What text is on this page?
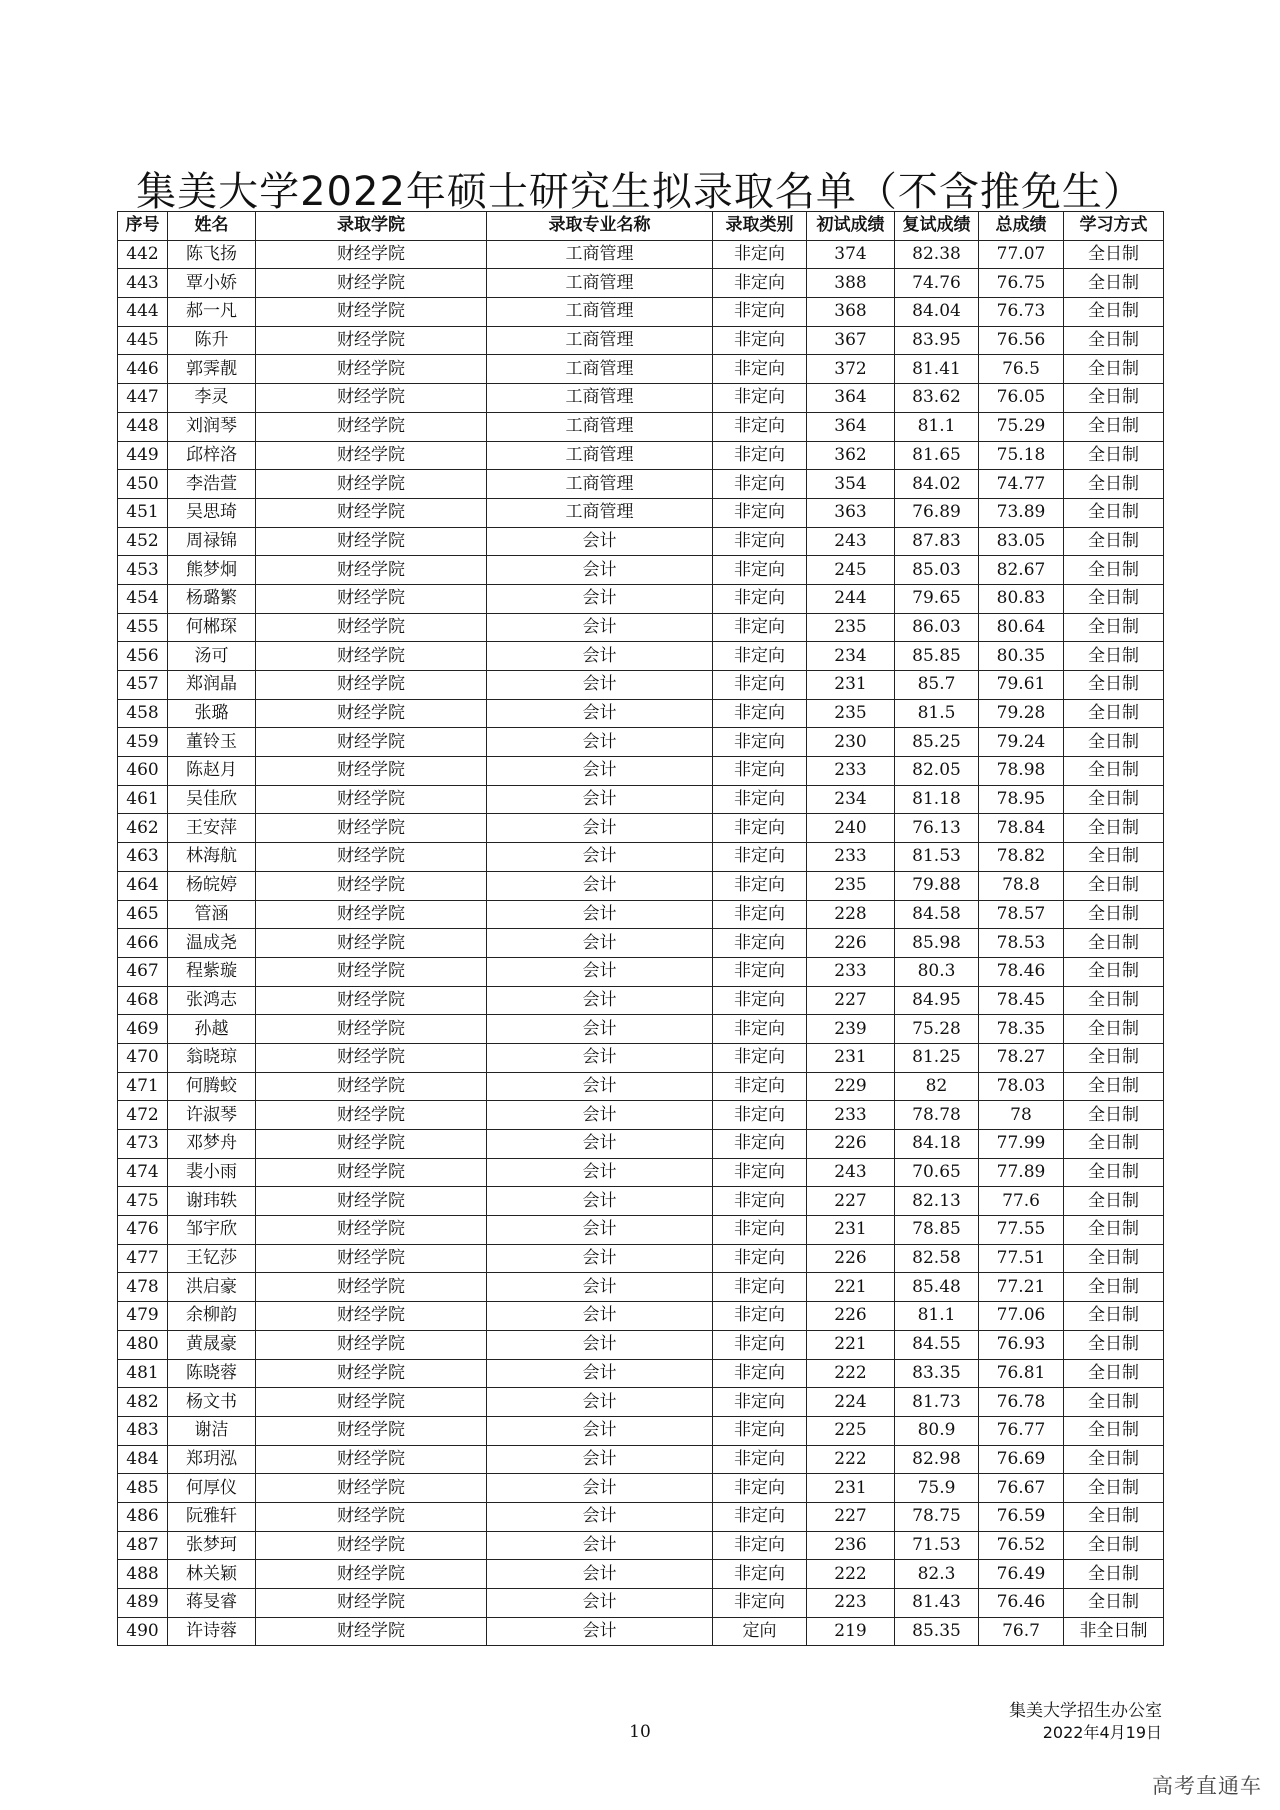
集美大学2022年硕士研究生拟录取名单（不含推免生）
序号	姓名	录取学院	录取专业名称	录取类别	初试成绩	复试成绩	总成绩	学习方式
442	陈飞扬	财经学院	工商管理	非定向	374	82.38	77.07	全日制
443	覃小娇	财经学院	工商管理	非定向	388	74.76	76.75	全日制
444	郝一凡	财经学院	工商管理	非定向	368	84.04	76.73	全日制
445	陈升	财经学院	工商管理	非定向	367	83.95	76.56	全日制
446	郭霁靓	财经学院	工商管理	非定向	372	81.41	76.5	全日制
447	李灵	财经学院	工商管理	非定向	364	83.62	76.05	全日制
448	刘润琴	财经学院	工商管理	非定向	364	81.1	75.29	全日制
449	邱梓洛	财经学院	工商管理	非定向	362	81.65	75.18	全日制
450	李浩萱	财经学院	工商管理	非定向	354	84.02	74.77	全日制
451	吴思琦	财经学院	工商管理	非定向	363	76.89	73.89	全日制
452	周禄锦	财经学院	会计	非定向	243	87.83	83.05	全日制
453	熊梦炯	财经学院	会计	非定向	245	85.03	82.67	全日制
454	杨璐繁	财经学院	会计	非定向	244	79.65	80.83	全日制
455	何郴琛	财经学院	会计	非定向	235	86.03	80.64	全日制
456	汤可	财经学院	会计	非定向	234	85.85	80.35	全日制
457	郑润晶	财经学院	会计	非定向	231	85.7	79.61	全日制
458	张璐	财经学院	会计	非定向	235	81.5	79.28	全日制
459	董铃玉	财经学院	会计	非定向	230	85.25	79.24	全日制
460	陈赵月	财经学院	会计	非定向	233	82.05	78.98	全日制
461	吴佳欣	财经学院	会计	非定向	234	81.18	78.95	全日制
462	王安萍	财经学院	会计	非定向	240	76.13	78.84	全日制
463	林海航	财经学院	会计	非定向	233	81.53	78.82	全日制
464	杨皖婷	财经学院	会计	非定向	235	79.88	78.8	全日制
465	管涵	财经学院	会计	非定向	228	84.58	78.57	全日制
466	温成尧	财经学院	会计	非定向	226	85.98	78.53	全日制
467	程紫璇	财经学院	会计	非定向	233	80.3	78.46	全日制
468	张鸿志	财经学院	会计	非定向	227	84.95	78.45	全日制
469	孙越	财经学院	会计	非定向	239	75.28	78.35	全日制
470	翁晓琼	财经学院	会计	非定向	231	81.25	78.27	全日制
471	何腾蛟	财经学院	会计	非定向	229	82	78.03	全日制
472	许淑琴	财经学院	会计	非定向	233	78.78	78	全日制
473	邓梦舟	财经学院	会计	非定向	226	84.18	77.99	全日制
474	裴小雨	财经学院	会计	非定向	243	70.65	77.89	全日制
475	谢玮轶	财经学院	会计	非定向	227	82.13	77.6	全日制
476	邹宇欣	财经学院	会计	非定向	231	78.85	77.55	全日制
477	王钇莎	财经学院	会计	非定向	226	82.58	77.51	全日制
478	洪启豪	财经学院	会计	非定向	221	85.48	77.21	全日制
479	余柳韵	财经学院	会计	非定向	226	81.1	77.06	全日制
480	黄晟豪	财经学院	会计	非定向	221	84.55	76.93	全日制
481	陈晓蓉	财经学院	会计	非定向	222	83.35	76.81	全日制
482	杨文书	财经学院	会计	非定向	224	81.73	76.78	全日制
483	谢洁	财经学院	会计	非定向	225	80.9	76.77	全日制
484	郑玥泓	财经学院	会计	非定向	222	82.98	76.69	全日制
485	何厚仪	财经学院	会计	非定向	231	75.9	76.67	全日制
486	阮雅轩	财经学院	会计	非定向	227	78.75	76.59	全日制
487	张梦珂	财经学院	会计	非定向	236	71.53	76.52	全日制
488	林关颖	财经学院	会计	非定向	222	82.3	76.49	全日制
489	蒋旻睿	财经学院	会计	非定向	223	81.43	76.46	全日制
490	许诗蓉	财经学院	会计	定向	219	85.35	76.7	非全日制
10
集美大学招生办公室
2022年4月19日
高考直通车
